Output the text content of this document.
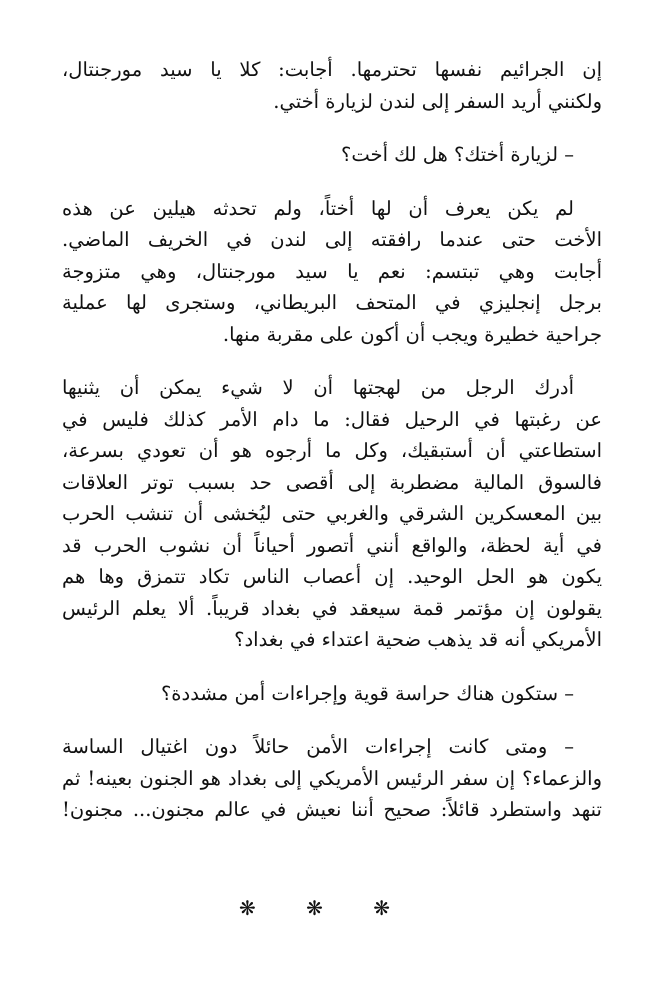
إن الجرائيم نفسها تحترمها. أجابت: كلا يا سيد مورجنتال،
ولكنني أريد السفر إلى لندن لزيارة أختي.
– لزيارة أختك؟ هل لك أخت؟
لم يكن يعرف أن لها أختاً، ولم تحدثه هيلين عن هذه
الأخت حتى عندما رافقته إلى لندن في الخريف الماضي.
أجابت وهي تبتسم: نعم يا سيد مورجنتال، وهي متزوجة
برجل إنجليزي في المتحف البريطاني، وستجرى لها عملية
جراحية خطيرة ويجب أن أكون على مقربة منها.
أدرك الرجل من لهجتها أن لا شيء يمكن أن يثنيها
عن رغبتها في الرحيل فقال: ما دام الأمر كذلك فليس في
استطاعتي أن أستبقيك، وكل ما أرجوه هو أن تعودي بسرعة،
فالسوق المالية مضطربة إلى أقصى حد بسبب توتر العلاقات
بين المعسكرين الشرقي والغربي حتى ليُخشى أن تنشب الحرب
في أية لحظة، والواقع أنني أتصور أحياناً أن نشوب الحرب قد
يكون هو الحل الوحيد. إن أعصاب الناس تكاد تتمزق وها هم
يقولون إن مؤتمر قمة سيعقد في بغداد قريباً. ألا يعلم الرئيس
الأمريكي أنه قد يذهب ضحية اعتداء في بغداد؟
– ستكون هناك حراسة قوية وإجراءات أمن مشددة؟
– ومتى كانت إجراءات الأمن حائلاً دون اغتيال الساسة
والزعماء؟ إن سفر الرئيس الأمريكي إلى بغداد هو الجنون بعينه! ثم
تنهد واستطرد قائلاً: صحيح أننا نعيش في عالم مجنون... مجنون!
❋ ❋ ❋
